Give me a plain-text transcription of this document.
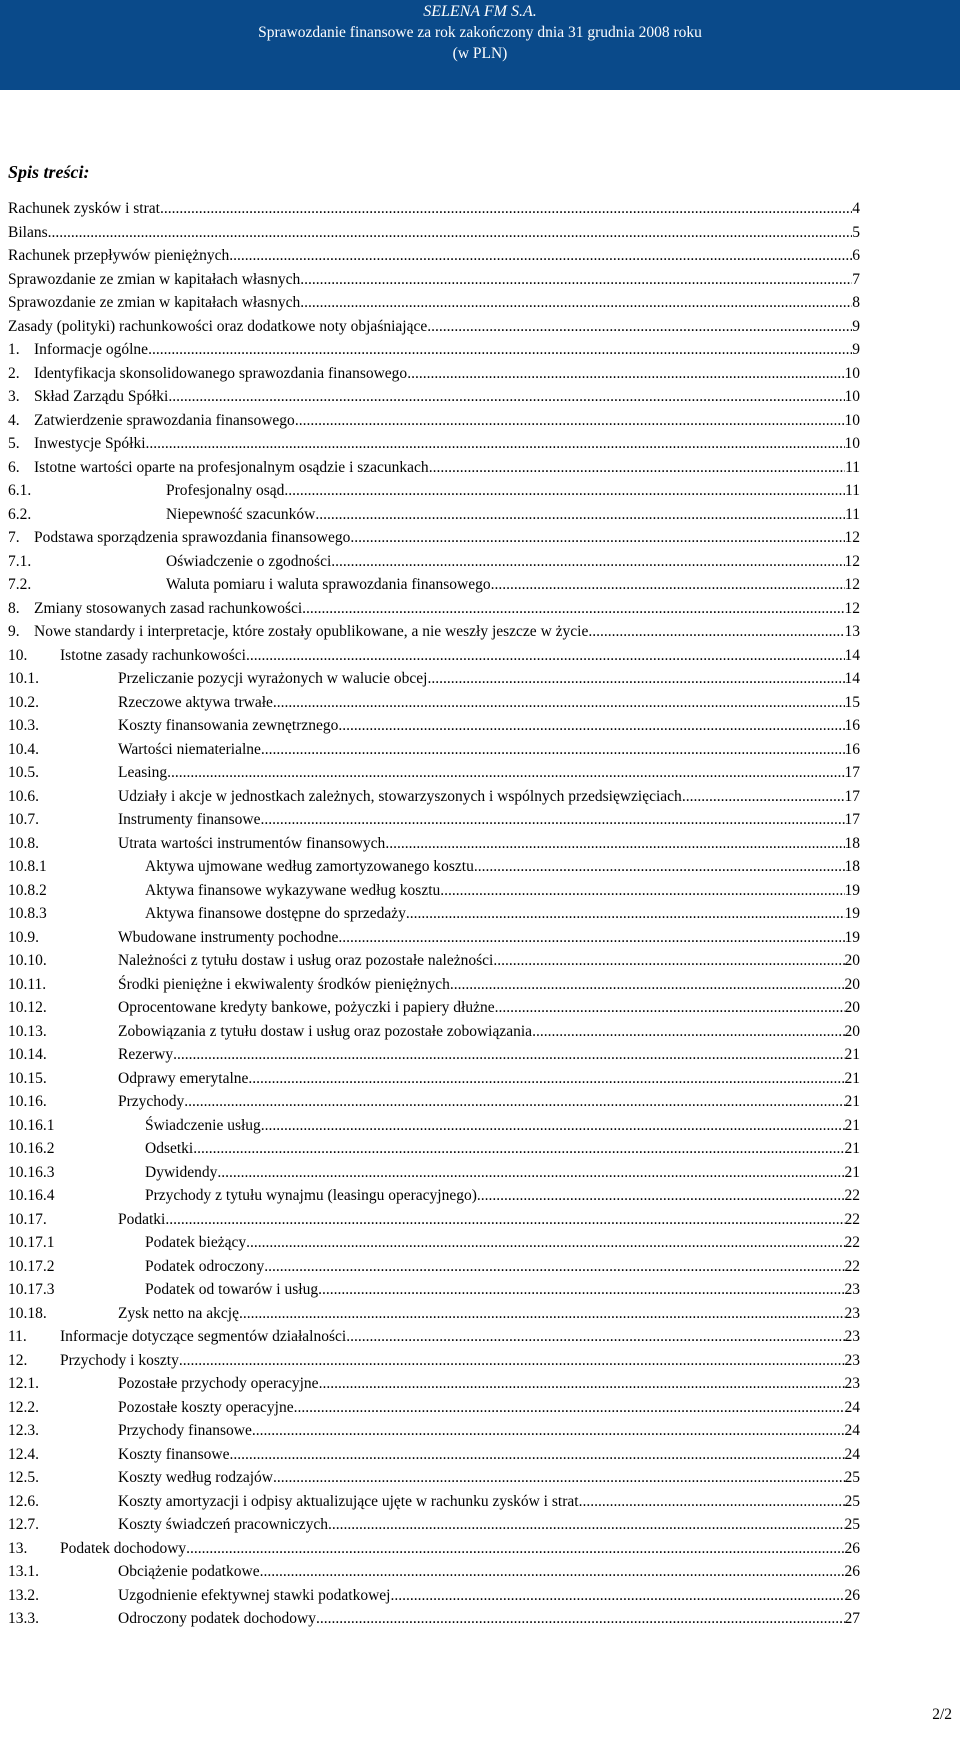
SELENA FM S.A.
Sprawozdanie finansowe za rok zakończony dnia 31 grudnia 2008 roku
(w PLN)
Spis treści:
Rachunek zysków i strat .....	4
Bilans .....	5
Rachunek przepływów pieniężnych .....	6
Sprawozdanie ze zmian w kapitałach własnych .....	7
Sprawozdanie ze zmian w kapitałach własnych .....	8
Zasady (polityki) rachunkowości oraz dodatkowe noty objaśniające .....	9
1. Informacje ogólne .....	9
2. Identyfikacja skonsolidowanego sprawozdania finansowego .....	10
3. Skład Zarządu Spółki .....	10
4. Zatwierdzenie sprawozdania finansowego .....	10
5. Inwestycje Spółki .....	10
6. Istotne wartości oparte na profesjonalnym osądzie i szacunkach .....	11
6.1.	Profesjonalny osąd .....	11
6.2.	Niepewność szacunków .....	11
7. Podstawa sporządzenia sprawozdania finansowego .....	12
7.1.	Oświadczenie o zgodności .....	12
7.2.	Waluta pomiaru i waluta sprawozdania finansowego .....	12
8. Zmiany stosowanych zasad rachunkowości .....	12
9. Nowe standardy i interpretacje, które zostały opublikowane, a nie weszły jeszcze w życie .....	13
10. Istotne zasady rachunkowości .....	14
10.1.	Przeliczanie pozycji wyrażonych w walucie obcej .....	14
10.2.	Rzeczowe aktywa trwałe .....	15
10.3.	Koszty finansowania zewnętrznego .....	16
10.4.	Wartości niematerialne .....	16
10.5.	Leasing .....	17
10.6.	Udziały i akcje w jednostkach zależnych, stowarzyszonych i wspólnych przedsięwzięciach .....	17
10.7.	Instrumenty finansowe .....	17
10.8.	Utrata wartości instrumentów finansowych .....	18
10.8.1	Aktywa ujmowane według zamortyzowanego kosztu .....	18
10.8.2	Aktywa finansowe wykazywane według kosztu .....	19
10.8.3	Aktywa finansowe dostępne do sprzedaży .....	19
10.9.	Wbudowane instrumenty pochodne .....	19
10.10.	Należności z tytułu dostaw i usług oraz pozostałe należności .....	20
10.11.	Środki pieniężne i ekwiwalenty środków pieniężnych .....	20
10.12.	Oprocentowane kredyty bankowe, pożyczki i papiery dłużne .....	20
10.13.	Zobowiązania z tytułu dostaw i usług oraz pozostałe zobowiązania .....	20
10.14.	Rezerwy .....	21
10.15.	Odprawy emerytalne .....	21
10.16.	Przychody .....	21
10.16.1	Świadczenie usług .....	21
10.16.2	Odsetki .....	21
10.16.3	Dywidendy .....	21
10.16.4	Przychody z tytułu wynajmu (leasingu operacyjnego) .....	22
10.17.	Podatki .....	22
10.17.1	Podatek bieżący .....	22
10.17.2	Podatek odroczony .....	22
10.17.3	Podatek od towarów i usług .....	23
10.18.	Zysk netto na akcję .....	23
11. Informacje dotyczące segmentów działalności .....	23
12. Przychody i koszty .....	23
12.1.	Pozostałe przychody operacyjne .....	23
12.2.	Pozostałe koszty operacyjne .....	24
12.3.	Przychody finansowe .....	24
12.4.	Koszty finansowe .....	24
12.5.	Koszty według rodzajów .....	25
12.6.	Koszty amortyzacji i odpisy aktualizujące ujęte w rachunku zysków i strat .....	25
12.7.	Koszty świadczeń pracowniczych .....	25
13. Podatek dochodowy .....	26
13.1.	Obciążenie podatkowe .....	26
13.2.	Uzgodnienie efektywnej stawki podatkowej .....	26
13.3.	Odroczony podatek dochodowy .....	27
2/2
